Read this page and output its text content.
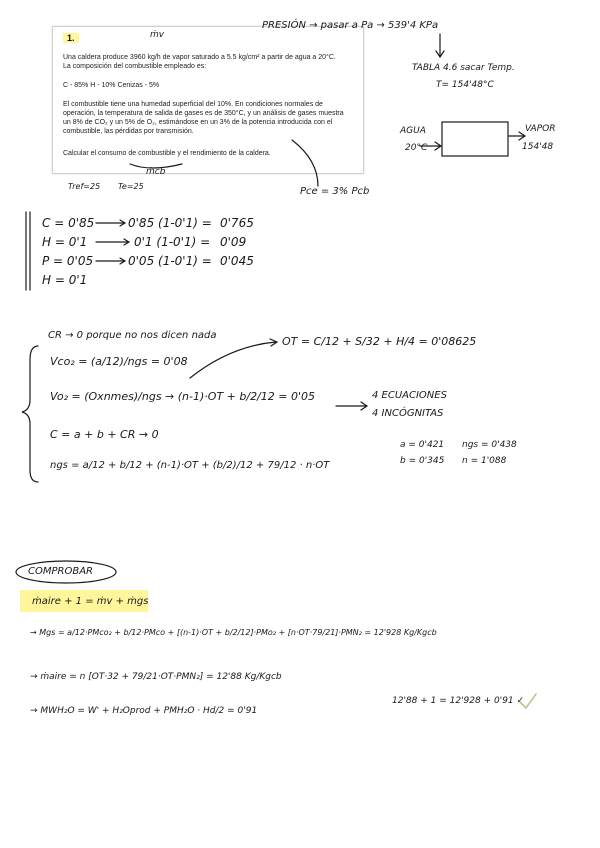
1.

Una caldera produce 3960 kg/h de vapor saturado a 5.5 kg/cm² a partir de agua a 20°C.

La composición del combustible empleado es:

C - 85% H - 10% Cenizas - 5%

El combustible tiene una humedad superficial del 10%. En condiciones normales de

operación, la temperatura de salida de gases es de 350°C, y un análisis de gases muestra

un 8% de CO₂ y un 5% de O₂, estimándose en un 3% de la potencia introducida con el

combustible, las pérdidas por transmisión.

Calcular el consumo de combustible y el rendimiento de la caldera.

ṁv
PRESIÓN → pasar a Pa → 539'4 KPa
TABLA 4.6 sacar Temp.
T= 154'48°C
AGUA
20°C
VAPOR
154'48
ṁcb
Tref=25 Te=25	Pce = 3% Pcb
C = 0'85	0'85 (1-0'1) = 0'765
H = 0'1	0'1 (1-0'1) = 0'09
P = 0'05	0'05 (1-0'1) = 0'045
H = 0'1
CR → 0 porque no nos dicen nada
Vco₂ = (a/12)/ngs = 0'08
Vo₂ = (Oxnmes)/ngs → (n-1)·OT + b/2/12 = 0'05
C = a + b + CR → 0
ngs = a/12 + b/12 + (n-1)·OT + (b/2)/12 + 79/12 · n·OT
OT = C/12 + S/32 + H/4 = 0'08625
4 ECUACIONES
4 INCÓGNITAS
a = 0'421 ngs = 0'438
b = 0'345 n = 1'088
COMPROBAR
ṁaire + 1 = ṁv + ṁgs
→ Mgs = a/12·PMco₂ + b/12·PMco + [(n-1)·OT + b/2/12]·PMo₂ + [n·OT·79/21]·PMN₂ = 12'928 Kg/Kgcb
→ ṁaire = n [OT·32 + 79/21·OT·PMN₂] = 12'88 Kg/Kgcb
→ MWH₂O = W' + H₂Oprod + PMH₂O · Hd/2 = 0'91
12'88 + 1 = 12'928 + 0'91 ✓
